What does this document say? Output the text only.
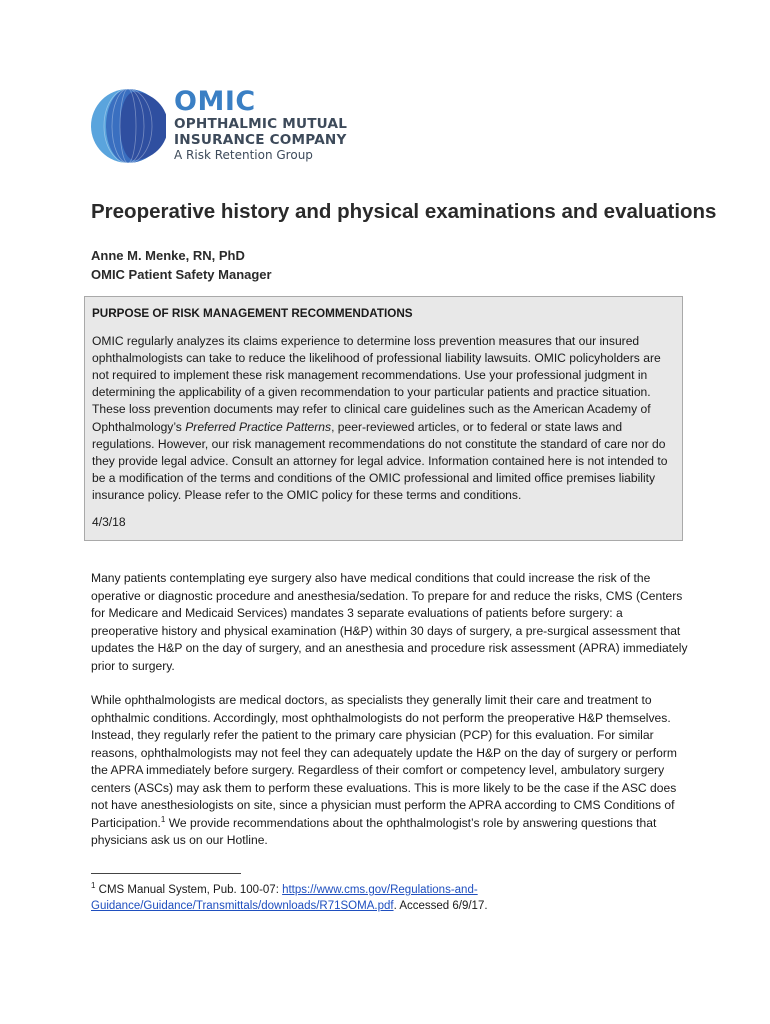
OMIC
OPHTHALMIC MUTUAL
INSURANCE COMPANY
A Risk Retention Group
Preoperative history and physical examinations and evaluations
Anne M. Menke, RN, PhD
OMIC Patient Safety Manager
PURPOSE OF RISK MANAGEMENT RECOMMENDATIONS
OMIC regularly analyzes its claims experience to determine loss prevention measures that our insured ophthalmologists can take to reduce the likelihood of professional liability lawsuits. OMIC policyholders are not required to implement these risk management recommendations. Use your professional judgment in determining the applicability of a given recommendation to your particular patients and practice situation. These loss prevention documents may refer to clinical care guidelines such as the American Academy of Ophthalmology’s Preferred Practice Patterns, peer-reviewed articles, or to federal or state laws and regulations. However, our risk management recommendations do not constitute the standard of care nor do they provide legal advice. Consult an attorney for legal advice. Information contained here is not intended to be a modification of the terms and conditions of the OMIC professional and limited office premises liability insurance policy. Please refer to the OMIC policy for these terms and conditions.
4/3/18

Many patients contemplating eye surgery also have medical conditions that could increase the risk of the operative or diagnostic procedure and anesthesia/sedation. To prepare for and reduce the risks, CMS (Centers for Medicare and Medicaid Services) mandates 3 separate evaluations of patients before surgery: a preoperative history and physical examination (H&P) within 30 days of surgery, a pre-surgical assessment that updates the H&P on the day of surgery, and an anesthesia and procedure risk assessment (APRA) immediately prior to surgery.

While ophthalmologists are medical doctors, as specialists they generally limit their care and treatment to ophthalmic conditions. Accordingly, most ophthalmologists do not perform the preoperative H&P themselves. Instead, they regularly refer the patient to the primary care physician (PCP) for this evaluation. For similar reasons, ophthalmologists may not feel they can adequately update the H&P on the day of surgery or perform the APRA immediately before surgery. Regardless of their comfort or competency level, ambulatory surgery centers (ASCs) may ask them to perform these evaluations. This is more likely to be the case if the ASC does not have anesthesiologists on site, since a physician must perform the APRA according to CMS Conditions of Participation.$^1$ We provide recommendations about the ophthalmologist’s role by answering questions that physicians ask us on our Hotline.

$^1$ CMS Manual System, Pub. 100-07: https://www.cms.gov/Regulations-and-Guidance/Guidance/Transmittals/downloads/R71SOMA.pdf. Accessed 6/9/17.
